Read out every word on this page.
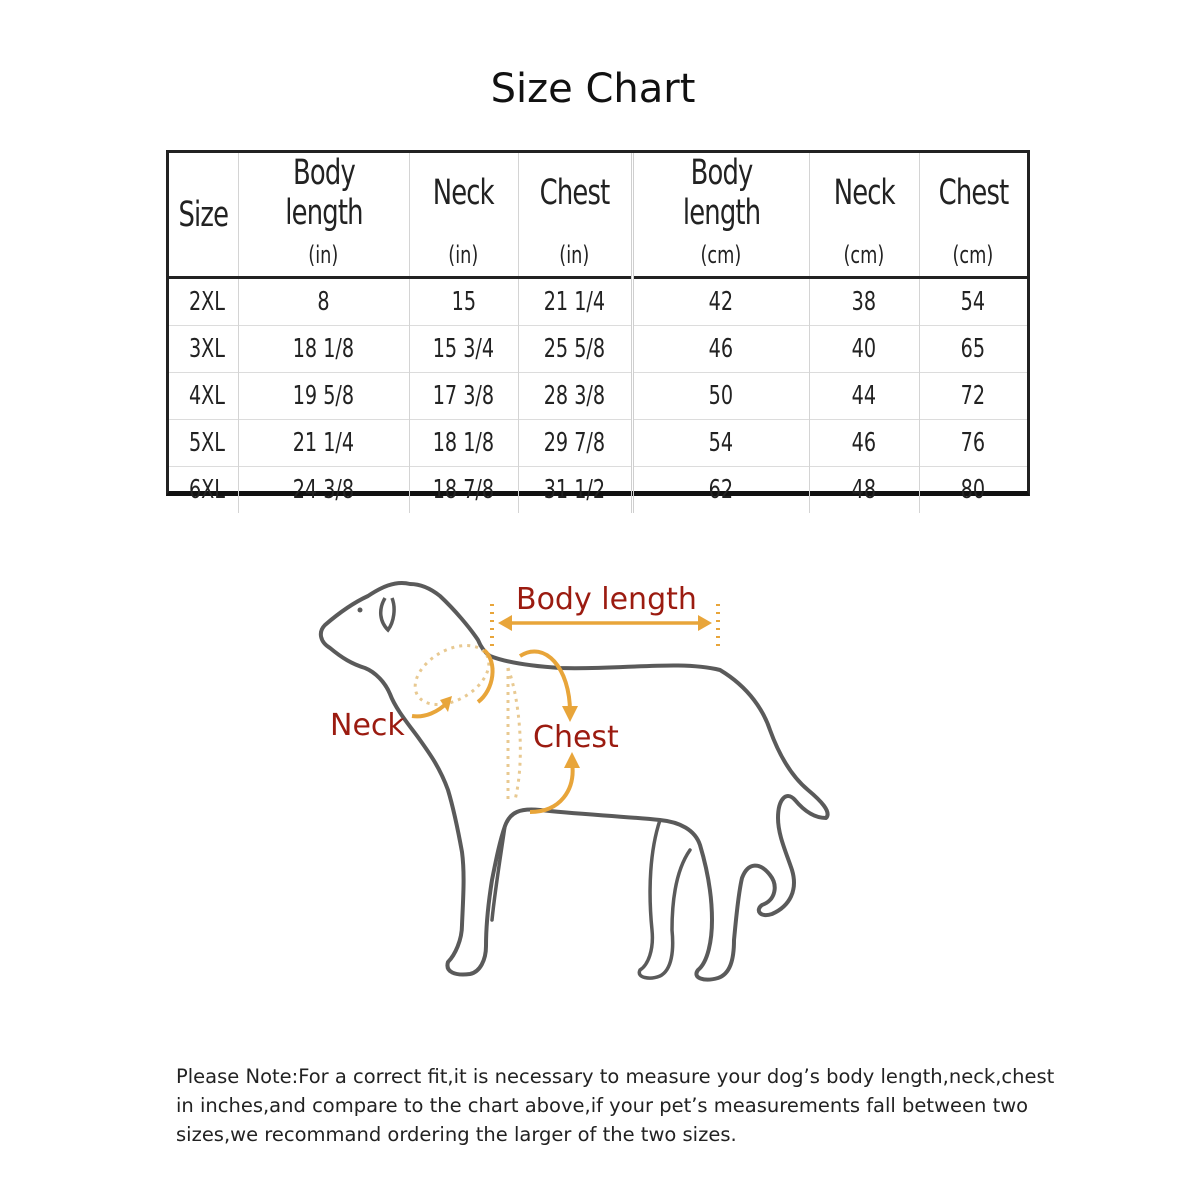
Size Chart
Size	Body length	Neck	Chest	Body length	Neck	Chest
	(in)	(in)	(in)	(cm)	(cm)	(cm)
2XL	8	15	21 1/4	42	38	54
3XL	18 1/8	15 3/4	25 5/8	46	40	65
4XL	19 5/8	17 3/8	28 3/8	50	44	72
5XL	21 1/4	18 1/8	29 7/8	54	46	76
6XL	24 3/8	18 7/8	31 1/2	62	48	80
Body length
Neck	Chest
Please Note:For a correct fit,it is necessary to measure your dog’s body length,neck,chest
in inches,and compare to the chart above,if your pet’s measurements fall between two
sizes,we recommand ordering the larger of the two sizes.
